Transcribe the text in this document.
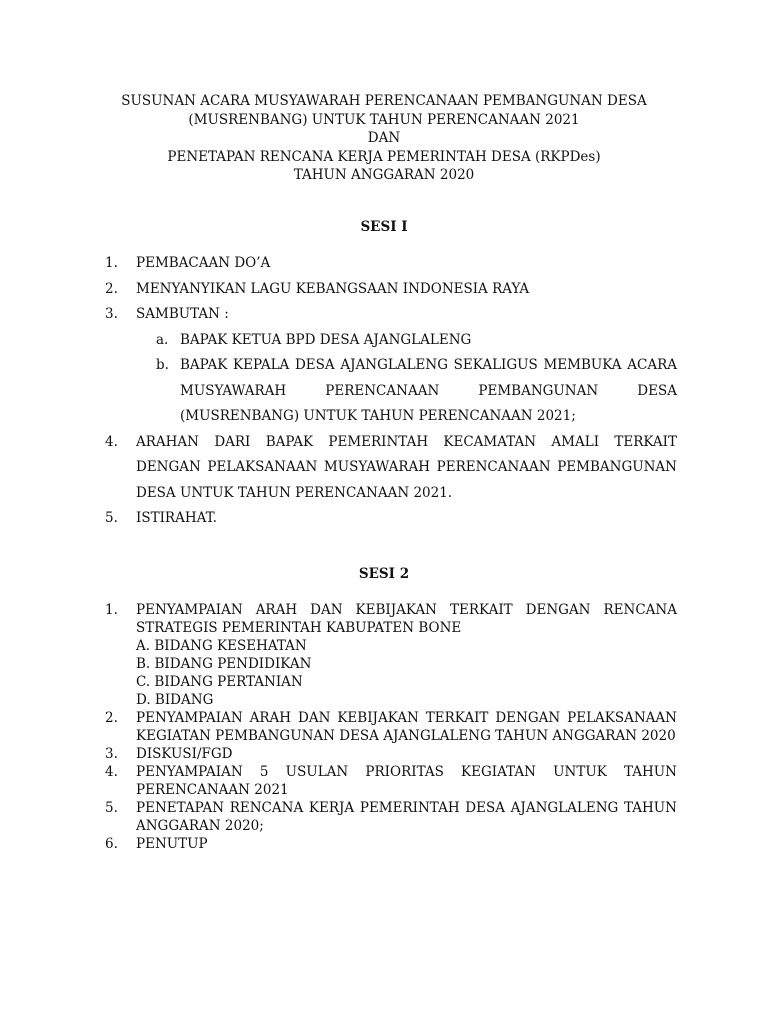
SUSUNAN ACARA MUSYAWARAH PERENCANAAN PEMBANGUNAN DESA
(MUSRENBANG) UNTUK TAHUN PERENCANAAN 2021
DAN
PENETAPAN RENCANA KERJA PEMERINTAH DESA (RKPDes)
TAHUN ANGGARAN 2020
SESI I
1. PEMBACAAN DO’A
2. MENYANYIKAN LAGU KEBANGSAAN INDONESIA RAYA
3. SAMBUTAN :
a. BAPAK KETUA BPD DESA AJANGLALENG
b. BAPAK KEPALA DESA AJANGLALENG SEKALIGUS MEMBUKA ACARA MUSYAWARAH PERENCANAAN PEMBANGUNAN DESA (MUSRENBANG) UNTUK TAHUN PERENCANAAN 2021;
4. ARAHAN DARI BAPAK PEMERINTAH KECAMATAN AMALI TERKAIT DENGAN PELAKSANAAN MUSYAWARAH PERENCANAAN PEMBANGUNAN DESA UNTUK TAHUN PERENCANAAN 2021.
5. ISTIRAHAT.
SESI 2
1. PENYAMPAIAN ARAH DAN KEBIJAKAN TERKAIT DENGAN RENCANA STRATEGIS PEMERINTAH KABUPATEN BONE
A. BIDANG KESEHATAN
B. BIDANG PENDIDIKAN
C. BIDANG PERTANIAN
D. BIDANG
2. PENYAMPAIAN ARAH DAN KEBIJAKAN TERKAIT DENGAN PELAKSANAAN KEGIATAN PEMBANGUNAN DESA AJANGLALENG TAHUN ANGGARAN 2020
3. DISKUSI/FGD
4. PENYAMPAIAN 5 USULAN PRIORITAS KEGIATAN UNTUK TAHUN PERENCANAAN 2021
5. PENETAPAN RENCANA KERJA PEMERINTAH DESA AJANGLALENG TAHUN ANGGARAN 2020;
6. PENUTUP
